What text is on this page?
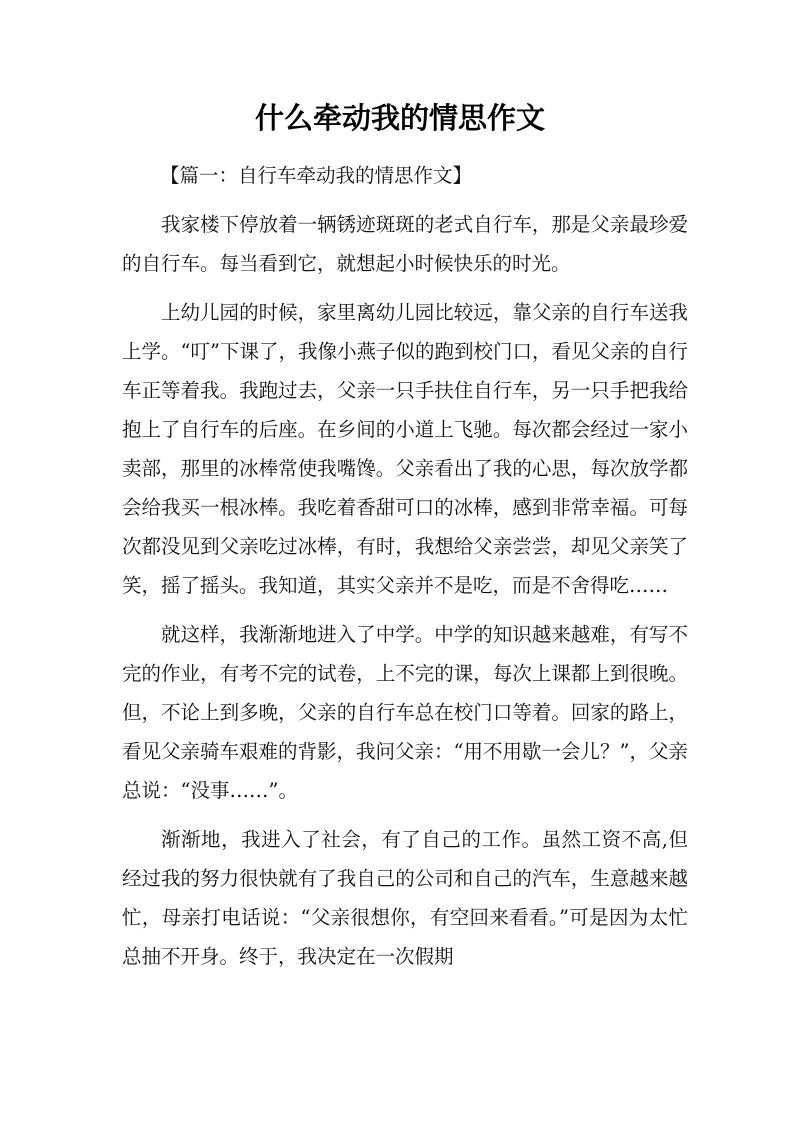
什么牵动我的情思作文

【篇一：自行车牵动我的情思作文】

我家楼下停放着一辆锈迹斑斑的老式自行车，那是父亲最珍爱的自行车。每当看到它，就想起小时候快乐的时光。

上幼儿园的时候，家里离幼儿园比较远，靠父亲的自行车送我上学。“叮”下课了，我像小燕子似的跑到校门口，看见父亲的自行车正等着我。我跑过去，父亲一只手扶住自行车，另一只手把我给抱上了自行车的后座。在乡间的小道上飞驰。每次都会经过一家小卖部，那里的冰棒常使我嘴馋。父亲看出了我的心思，每次放学都会给我买一根冰棒。我吃着香甜可口的冰棒，感到非常幸福。可每次都没见到父亲吃过冰棒，有时，我想给父亲尝尝，却见父亲笑了笑，摇了摇头。我知道，其实父亲并不是吃，而是不舍得吃……

就这样，我渐渐地进入了中学。中学的知识越来越难，有写不完的作业，有考不完的试卷，上不完的课，每次上课都上到很晚。但，不论上到多晚，父亲的自行车总在校门口等着。回家的路上，看见父亲骑车艰难的背影，我问父亲：“用不用歇一会儿？”，父亲总说：“没事……”。

渐渐地，我进入了社会，有了自己的工作。虽然工资不高,但经过我的努力很快就有了我自己的公司和自己的汽车，生意越来越忙，母亲打电话说：“父亲很想你，有空回来看看。”可是因为太忙总抽不开身。终于，我决定在一次假期
